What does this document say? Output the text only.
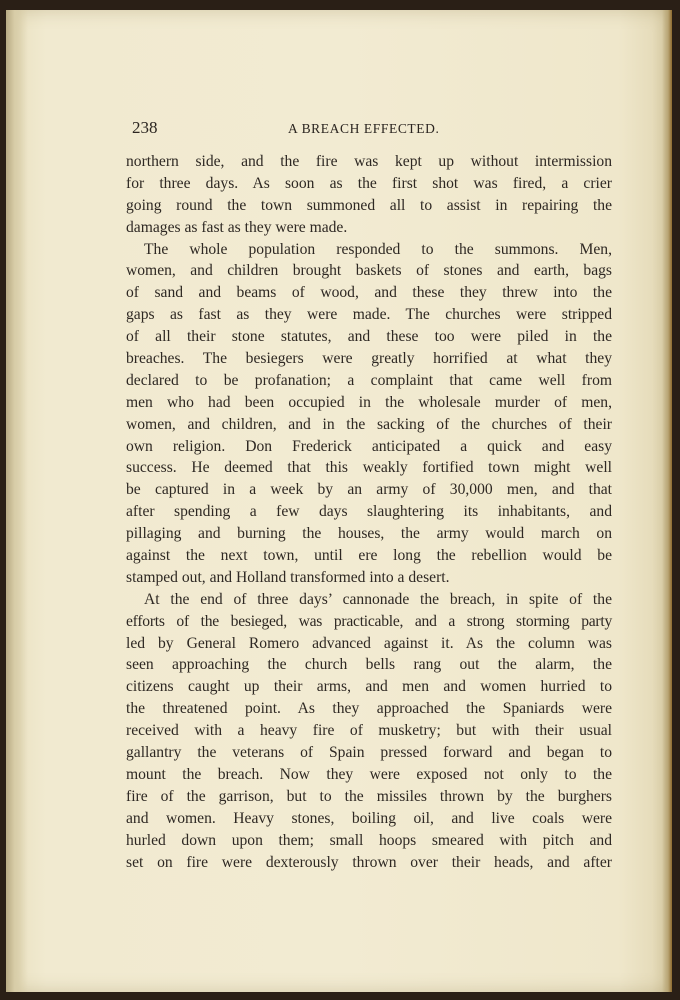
238	A BREACH EFFECTED.
northern side, and the fire was kept up without intermission
for three days. As soon as the first shot was fired, a crier
going round the town summoned all to assist in repairing the
damages as fast as they were made.
The whole population responded to the summons. Men,
women, and children brought baskets of stones and earth, bags
of sand and beams of wood, and these they threw into the
gaps as fast as they were made. The churches were stripped
of all their stone statutes, and these too were piled in the
breaches. The besiegers were greatly horrified at what they
declared to be profanation; a complaint that came well from
men who had been occupied in the wholesale murder of men,
women, and children, and in the sacking of the churches of their
own religion. Don Frederick anticipated a quick and easy
success. He deemed that this weakly fortified town might well
be captured in a week by an army of 30,000 men, and that
after spending a few days slaughtering its inhabitants, and
pillaging and burning the houses, the army would march on
against the next town, until ere long the rebellion would be
stamped out, and Holland transformed into a desert.
At the end of three days’ cannonade the breach, in spite of the
efforts of the besieged, was practicable, and a strong storming party
led by General Romero advanced against it. As the column was
seen approaching the church bells rang out the alarm, the
citizens caught up their arms, and men and women hurried to
the threatened point. As they approached the Spaniards were
received with a heavy fire of musketry; but with their usual
gallantry the veterans of Spain pressed forward and began to
mount the breach. Now they were exposed not only to the
fire of the garrison, but to the missiles thrown by the burghers
and women. Heavy stones, boiling oil, and live coals were
hurled down upon them; small hoops smeared with pitch and
set on fire were dexterously thrown over their heads, and after
